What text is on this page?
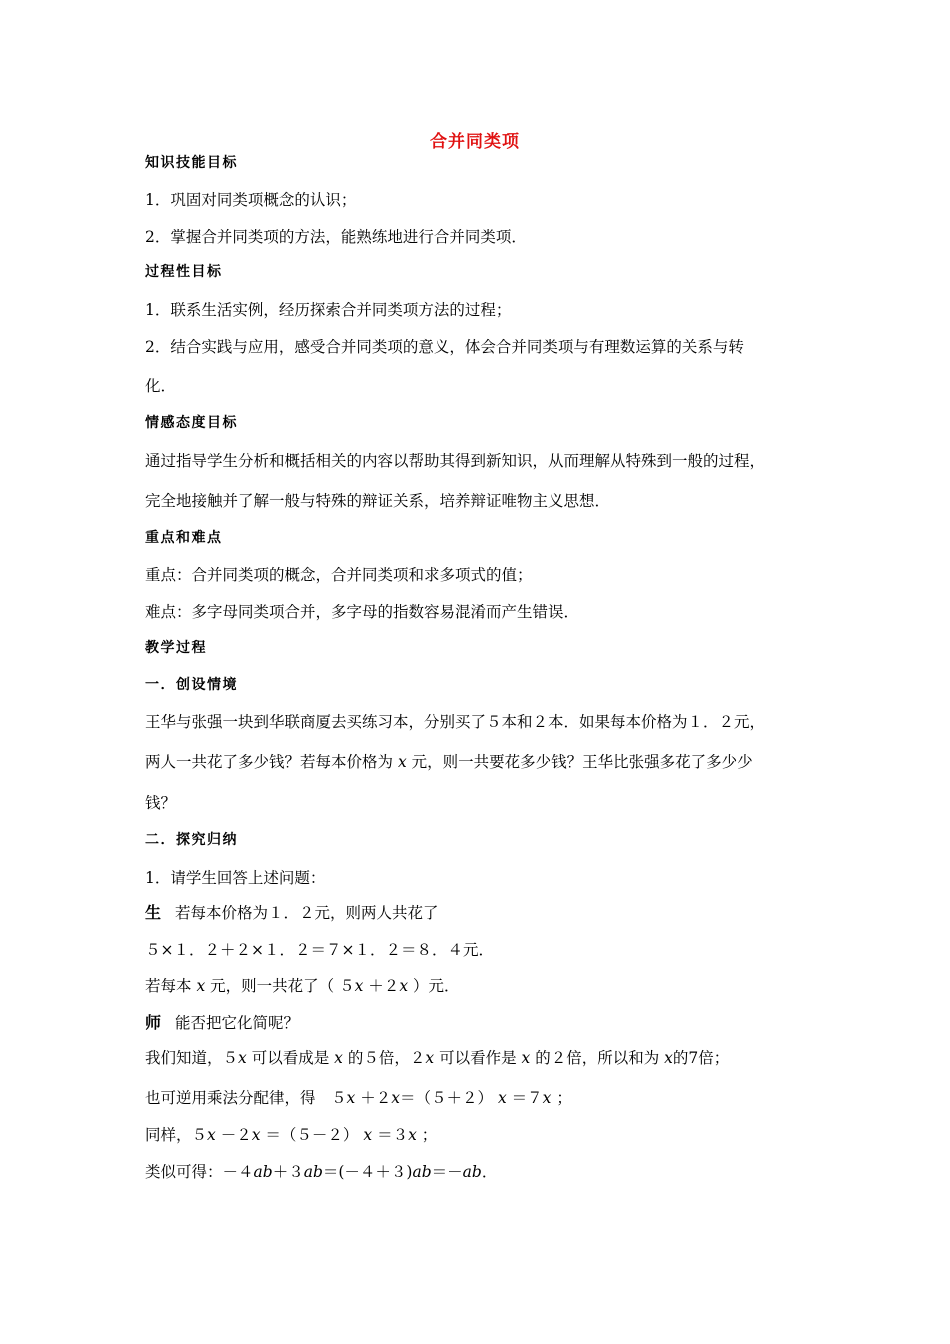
合并同类项
知识技能目标
1．巩固对同类项概念的认识；
2．掌握合并同类项的方法，能熟练地进行合并同类项．
过程性目标
1．联系生活实例，经历探索合并同类项方法的过程；
2．结合实践与应用，感受合并同类项的意义，体会合并同类项与有理数运算的关系与转
化．
情感态度目标
通过指导学生分析和概括相关的内容以帮助其得到新知识，从而理解从特殊到一般的过程，
完全地接触并了解一般与特殊的辩证关系，培养辩证唯物主义思想．
重点和难点
重点：合并同类项的概念，合并同类项和求多项式的值；
难点：多字母同类项合并，多字母的指数容易混淆而产生错误．
教学过程
一．创设情境
王华与张强一块到华联商厦去买练习本，分别买了５本和２本．如果每本价格为１．２元，
两人一共花了多少钱？若每本价格为 x 元，则一共要花多少钱？王华比张强多花了多少少
钱？
二．探究归纳
1．请学生回答上述问题：
生 若每本价格为１．２元，则两人共花了
５×１．２＋２×１．２＝７×１．２＝８．４元．
若每本 x 元，则一共花了（ ５x ＋２x ）元．
师 能否把它化简呢？
我们知道，５x 可以看成是 x 的５倍，２x 可以看作是 x 的２倍，所以和为 x的7倍；
也可逆用乘法分配律，得　 ５x ＋２x＝（５＋２） x ＝７x ；
同样，５x －２x ＝（５－２） x ＝３x ；
类似可得：－４ab＋３ab＝(－４＋３)ab＝－ab．
